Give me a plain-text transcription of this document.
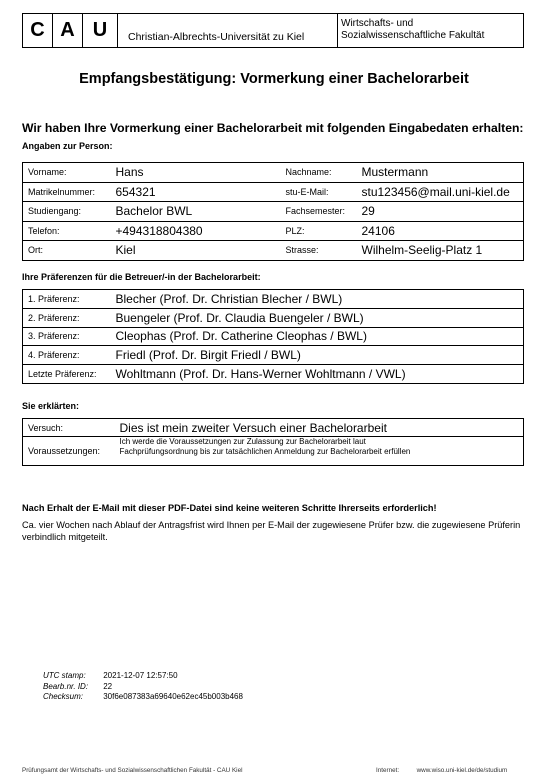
C A U	Christian-Albrechts-Universität zu Kiel
Wirtschafts- und
Sozialwissenschaftliche Fakultät
Empfangsbestätigung: Vormerkung einer Bachelorarbeit
Wir haben Ihre Vormerkung einer Bachelorarbeit mit folgenden Eingabedaten erhalten:
Angaben zur Person:
Vorname:	Hans	Nachname:	Mustermann
Matrikelnummer:	654321	stu-E-Mail:	stu123456@mail.uni-kiel.de
Studiengang:	Bachelor BWL	Fachsemester:	29
Telefon:	+494318804380	PLZ:	24106
Ort:	Kiel	Strasse:	Wilhelm-Seelig-Platz 1
Ihre Präferenzen für die Betreuer/-in der Bachelorarbeit:
1. Präferenz:	Blecher (Prof. Dr. Christian Blecher / BWL)
2. Präferenz:	Buengeler (Prof. Dr. Claudia Buengeler / BWL)
3. Präferenz:	Cleophas (Prof. Dr. Catherine Cleophas / BWL)
4. Präferenz:	Friedl (Prof. Dr. Birgit Friedl / BWL)
Letzte Präferenz:	Wohltmann (Prof. Dr. Hans-Werner Wohltmann / VWL)
Sie erklärten:
Versuch:	Dies ist mein zweiter Versuch einer Bachelorarbeit
Voraussetzungen:	Ich werde die Voraussetzungen zur Zulassung zur Bachelorarbeit laut
Fachprüfungsordnung bis zur tatsächlichen Anmeldung zur Bachelorarbeit erfüllen
Nach Erhalt der E-Mail mit dieser PDF-Datei sind keine weiteren Schritte Ihrerseits erforderlich!
Ca. vier Wochen nach Ablauf der Antragsfrist wird Ihnen per E-Mail der zugewiesene Prüfer bzw. die zugewiesene Prüferin verbindlich mitgeteilt.
UTC stamp: 2021-12-07 12:57:50
Bearb.nr. ID: 22
Checksum:	30f6e087383a69640e62ec45b003b468
Prüfungsamt der Wirtschafts- und Sozialwissenschaftlichen Fakultät - CAU Kiel	Internet:	www.wiso.uni-kiel.de/de/studium
